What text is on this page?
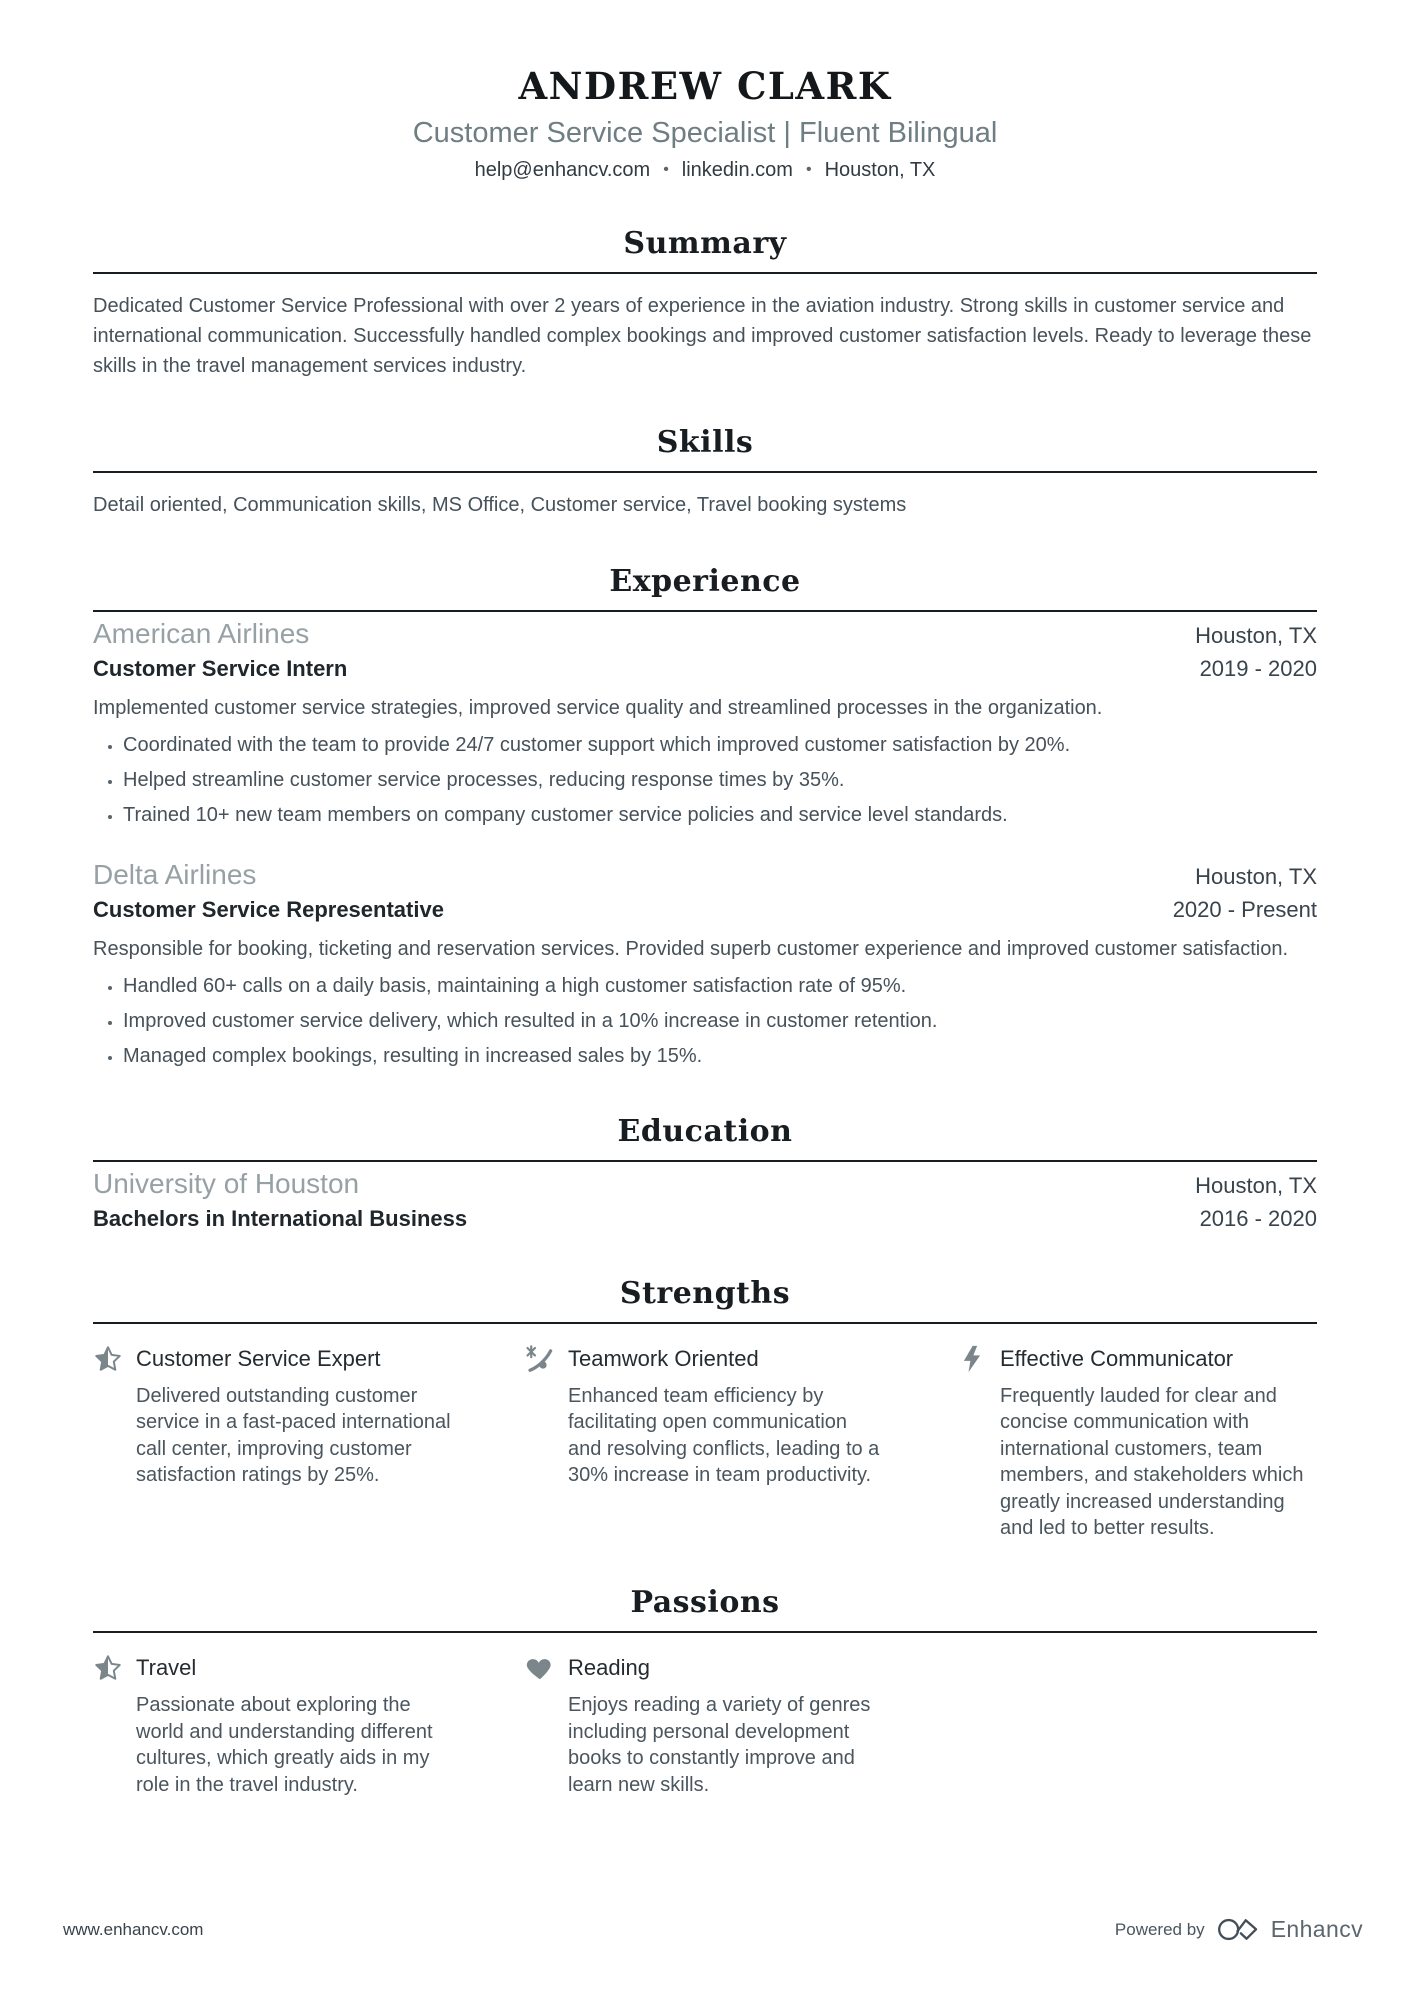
ANDREW CLARK
Customer Service Specialist | Fluent Bilingual
help@enhancv.com • linkedin.com • Houston, TX
Summary
Dedicated Customer Service Professional with over 2 years of experience in the aviation industry. Strong skills in customer service and international communication. Successfully handled complex bookings and improved customer satisfaction levels. Ready to leverage these skills in the travel management services industry.
Skills
Detail oriented, Communication skills, MS Office, Customer service, Travel booking systems
Experience
American Airlines	Houston, TX
Customer Service Intern	2019 - 2020
Implemented customer service strategies, improved service quality and streamlined processes in the organization.
• Coordinated with the team to provide 24/7 customer support which improved customer satisfaction by 20%.
• Helped streamline customer service processes, reducing response times by 35%.
• Trained 10+ new team members on company customer service policies and service level standards.
Delta Airlines	Houston, TX
Customer Service Representative	2020 - Present
Responsible for booking, ticketing and reservation services. Provided superb customer experience and improved customer satisfaction.
• Handled 60+ calls on a daily basis, maintaining a high customer satisfaction rate of 95%.
• Improved customer service delivery, which resulted in a 10% increase in customer retention.
• Managed complex bookings, resulting in increased sales by 15%.
Education
University of Houston	Houston, TX
Bachelors in International Business	2016 - 2020
Strengths
Customer Service Expert
Delivered outstanding customer service in a fast-paced international call center, improving customer satisfaction ratings by 25%.
Teamwork Oriented
Enhanced team efficiency by facilitating open communication and resolving conflicts, leading to a 30% increase in team productivity.
Effective Communicator
Frequently lauded for clear and concise communication with international customers, team members, and stakeholders which greatly increased understanding and led to better results.
Passions
Travel
Passionate about exploring the world and understanding different cultures, which greatly aids in my role in the travel industry.
Reading
Enjoys reading a variety of genres including personal development books to constantly improve and learn new skills.
www.enhancv.com	Powered by	Enhancv
